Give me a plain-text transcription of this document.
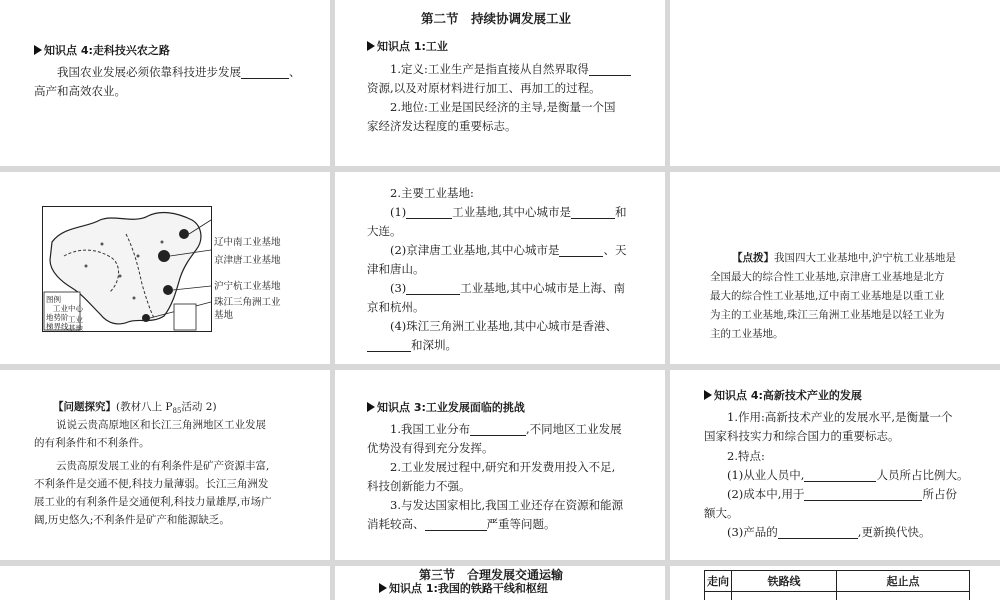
知识点 4:走科技兴农之路
我国农业发展必须依靠科技进步发展	、
高产和高效农业。
第二节　持续协调发展工业
知识点 1:工业
1.定义:工业生产是指直接从自然界取得
资源,以及对原材料进行加工、再加工的过程。
2.地位:工业是国民经济的主导,是衡量一个国
家经济发达程度的重要标志。
图例
工业中心
地势阶
梯界线
工业
基地
辽中南工业基地
京津唐工业基地
沪宁杭工业基地
珠江三角洲工业
基地
2.主要工业基地:
(1)	工业基地,其中心城市是	和
大连。
(2)京津唐工业基地,其中心城市是	、天
津和唐山。
(3)	工业基地,其中心城市是上海、南
京和杭州。
(4)珠江三角洲工业基地,其中心城市是香港、
和深圳。
【点拨】我国四大工业基地中,沪宁杭工业基地是
全国最大的综合性工业基地,京津唐工业基地是北方
最大的综合性工业基地,辽中南工业基地是以重工业
为主的工业基地,珠江三角洲工业基地是以轻工业为
主的工业基地。
【问题探究】(教材八上 $P_{85}$活动 2)
说说云贵高原地区和长江三角洲地区工业发展
的有利条件和不利条件。
云贵高原发展工业的有利条件是矿产资源丰富,
不利条件是交通不便,科技力量薄弱。长江三角洲发
展工业的有利条件是交通便利,科技力量雄厚,市场广
阔,历史悠久;不利条件是矿产和能源缺乏。
知识点 3:工业发展面临的挑战
1.我国工业分布	,不同地区工业发展
优势没有得到充分发挥。
2.工业发展过程中,研究和开发费用投入不足,
科技创新能力不强。
3.与发达国家相比,我国工业还存在资源和能源
消耗较高、	严重等问题。
知识点 4:高新技术产业的发展
1.作用:高新技术产业的发展水平,是衡量一个
国家科技实力和综合国力的重要标志。
2.特点:
(1)从业人员中,	人员所占比例大。
(2)成本中,用于	所占份
额大。
(3)产品的	,更新换代快。
第三节　合理发展交通运输
知识点 1:我国的铁路干线和枢纽
走向	铁路线	起止点
